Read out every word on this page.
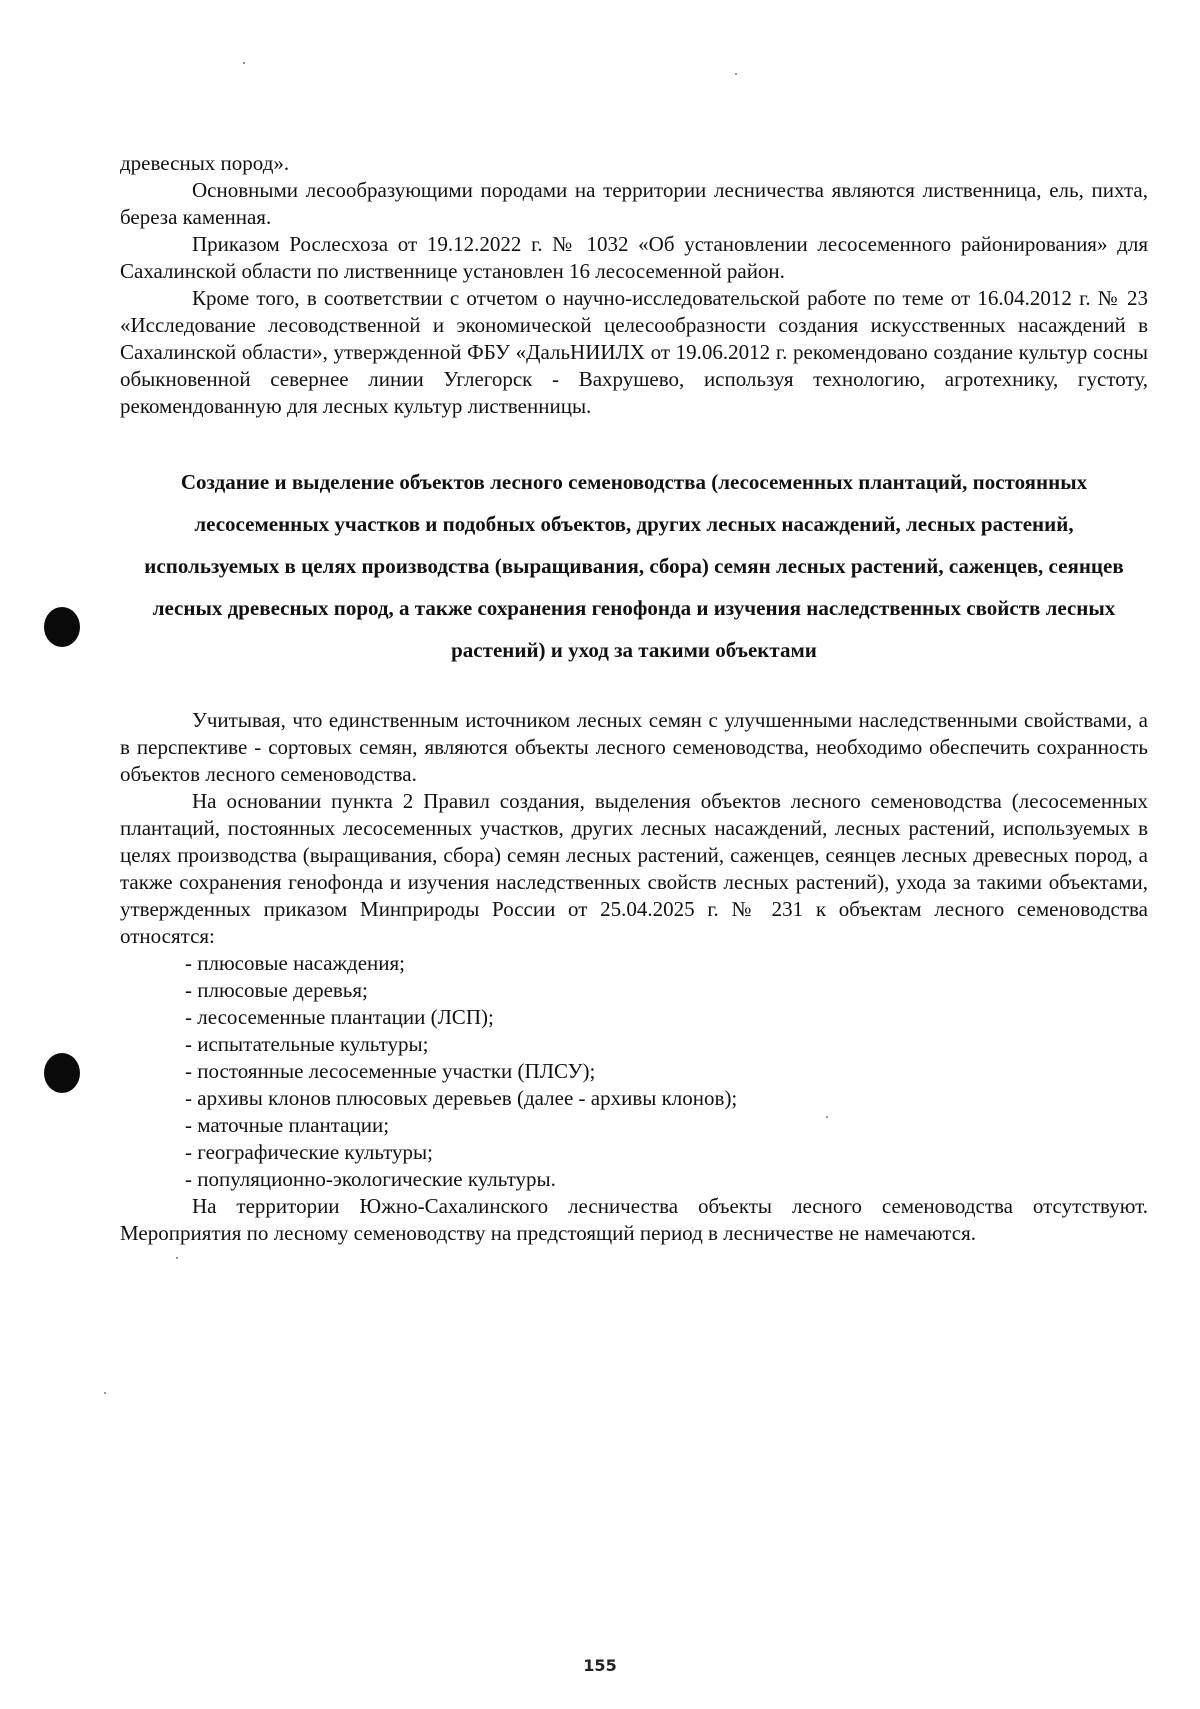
древесных пород».

Основными лесообразующими породами на территории лесничества являются лиственница, ель, пихта, береза каменная.

Приказом Рослесхоза от 19.12.2022 г. № 1032 «Об установлении лесосеменного районирования» для Сахалинской области по лиственнице установлен 16 лесосеменной район.

Кроме того, в соответствии с отчетом о научно-исследовательской работе по теме от 16.04.2012 г. № 23 «Исследование лесоводственной и экономической целесообразности создания искусственных насаждений в Сахалинской области», утвержденной ФБУ «ДальНИИЛХ от 19.06.2012 г. рекомендовано создание культур сосны обыкновенной севернее линии Углегорск - Вахрушево, используя технологию, агротехнику, густоту, рекомендованную для лесных культур лиственницы.

Создание и выделение объектов лесного семеноводства (лесосеменных плантаций, постоянных лесосеменных участков и подобных объектов, других лесных насаждений, лесных растений, используемых в целях производства (выращивания, сбора) семян лесных растений, саженцев, сеянцев лесных древесных пород, а также сохранения генофонда и изучения наследственных свойств лесных растений) и уход за такими объектами

Учитывая, что единственным источником лесных семян с улучшенными наследственными свойствами, а в перспективе - сортовых семян, являются объекты лесного семеноводства, необходимо обеспечить сохранность объектов лесного семеноводства.

На основании пункта 2 Правил создания, выделения объектов лесного семеноводства (лесосеменных плантаций, постоянных лесосеменных участков, других лесных насаждений, лесных растений, используемых в целях производства (выращивания, сбора) семян лесных растений, саженцев, сеянцев лесных древесных пород, а также сохранения генофонда и изучения наследственных свойств лесных растений), ухода за такими объектами, утвержденных приказом Минприроды России от 25.04.2025 г. № 231 к объектам лесного семеноводства относятся:

- плюсовые насаждения;
- плюсовые деревья;
- лесосеменные плантации (ЛСП);
- испытательные культуры;
- постоянные лесосеменные участки (ПЛСУ);
- архивы клонов плюсовых деревьев (далее - архивы клонов);
- маточные плантации;
- географические культуры;
- популяционно-экологические культуры.

На территории Южно-Сахалинского лесничества объекты лесного семеноводства отсутствуют. Мероприятия по лесному семеноводству на предстоящий период в лесничестве не намечаются.

155
